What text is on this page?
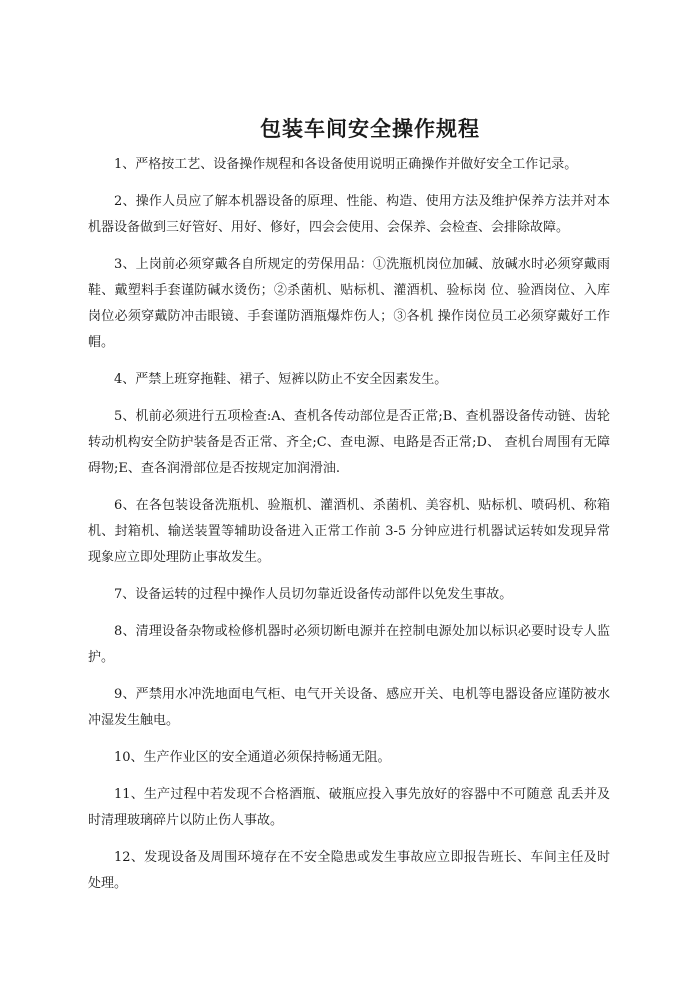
包装车间安全操作规程

1、严格按工艺、设备操作规程和各设备使用说明正确操作并做好安全工作记录。

2、操作人员应了解本机器设备的原理、性能、构造、使用方法及维护保养方法并对本机器设备做到三好管好、用好、修好，四会会使用、会保养、会检查、会排除故障。

3、上岗前必须穿戴各自所规定的劳保用品：①洗瓶机岗位加碱、放碱水时必须穿戴雨鞋、戴塑料手套谨防碱水烫伤；②杀菌机、贴标机、灌酒机、验标岗 位、验酒岗位、入库岗位必须穿戴防冲击眼镜、手套谨防酒瓶爆炸伤人；③各机 操作岗位员工必须穿戴好工作帽。

4、严禁上班穿拖鞋、裙子、短裤以防止不安全因素发生。

5、机前必须进行五项检查:A、查机各传动部位是否正常;B、查机器设备传动链、齿轮转动机构安全防护装备是否正常、齐全;C、查电源、电路是否正常;D、 查机台周围有无障碍物;E、查各润滑部位是否按规定加润滑油.

6、在各包装设备洗瓶机、验瓶机、灌酒机、杀菌机、美容机、贴标机、喷码机、称箱机、封箱机、输送装置等辅助设备进入正常工作前 3-5 分钟应进行机器试运转如发现异常现象应立即处理防止事故发生。

7、设备运转的过程中操作人员切勿靠近设备传动部件以免发生事故。

8、清理设备杂物或检修机器时必须切断电源并在控制电源处加以标识必要时设专人监护。

9、严禁用水冲洗地面电气柜、电气开关设备、感应开关、电机等电器设备应谨防被水冲湿发生触电。

10、生产作业区的安全通道必须保持畅通无阻。

11、生产过程中若发现不合格酒瓶、破瓶应投入事先放好的容器中不可随意 乱丢并及时清理玻璃碎片以防止伤人事故。

12、发现设备及周围环境存在不安全隐患或发生事故应立即报告班长、车间主任及时处理。
